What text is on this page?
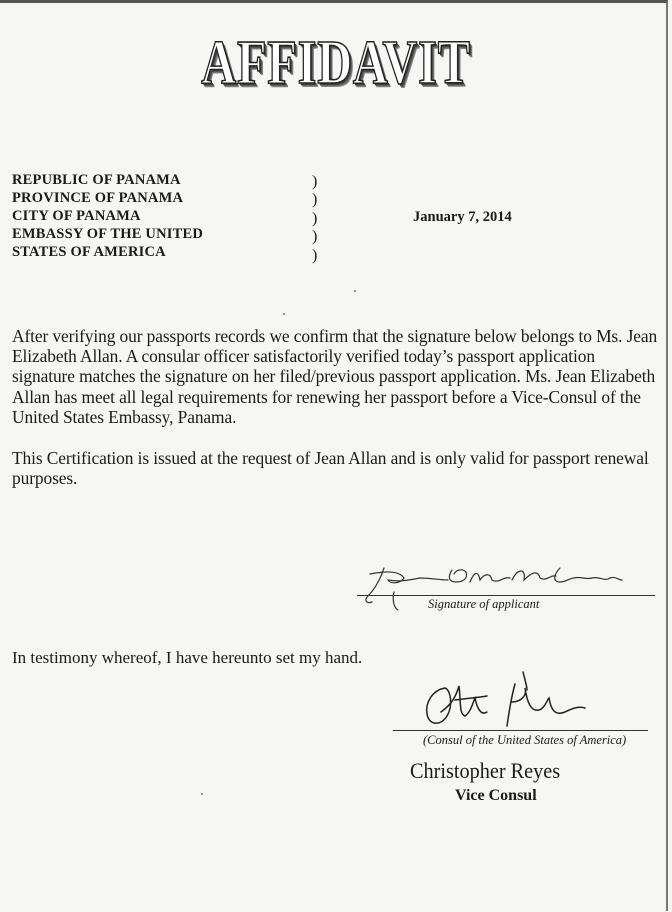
AFFIDAVIT
REPUBLIC OF PANAMA
PROVINCE OF PANAMA
CITY OF PANAMA
EMBASSY OF THE UNITED
STATES OF AMERICA
)
)
)
)
)
January 7, 2014

After verifying our passports records we confirm that the signature below belongs to Ms. Jean Elizabeth Allan. A consular officer satisfactorily verified today’s passport application signature matches the signature on her filed/previous passport application. Ms. Jean Elizabeth Allan has meet all legal requirements for renewing her passport before a Vice-Consul of the United States Embassy, Panama.

This Certification is issued at the request of Jean Allan and is only valid for passport renewal purposes.

Signature of applicant
In testimony whereof, I have hereunto set my hand.
(Consul of the United States of America)
Christopher Reyes
Vice Consul
